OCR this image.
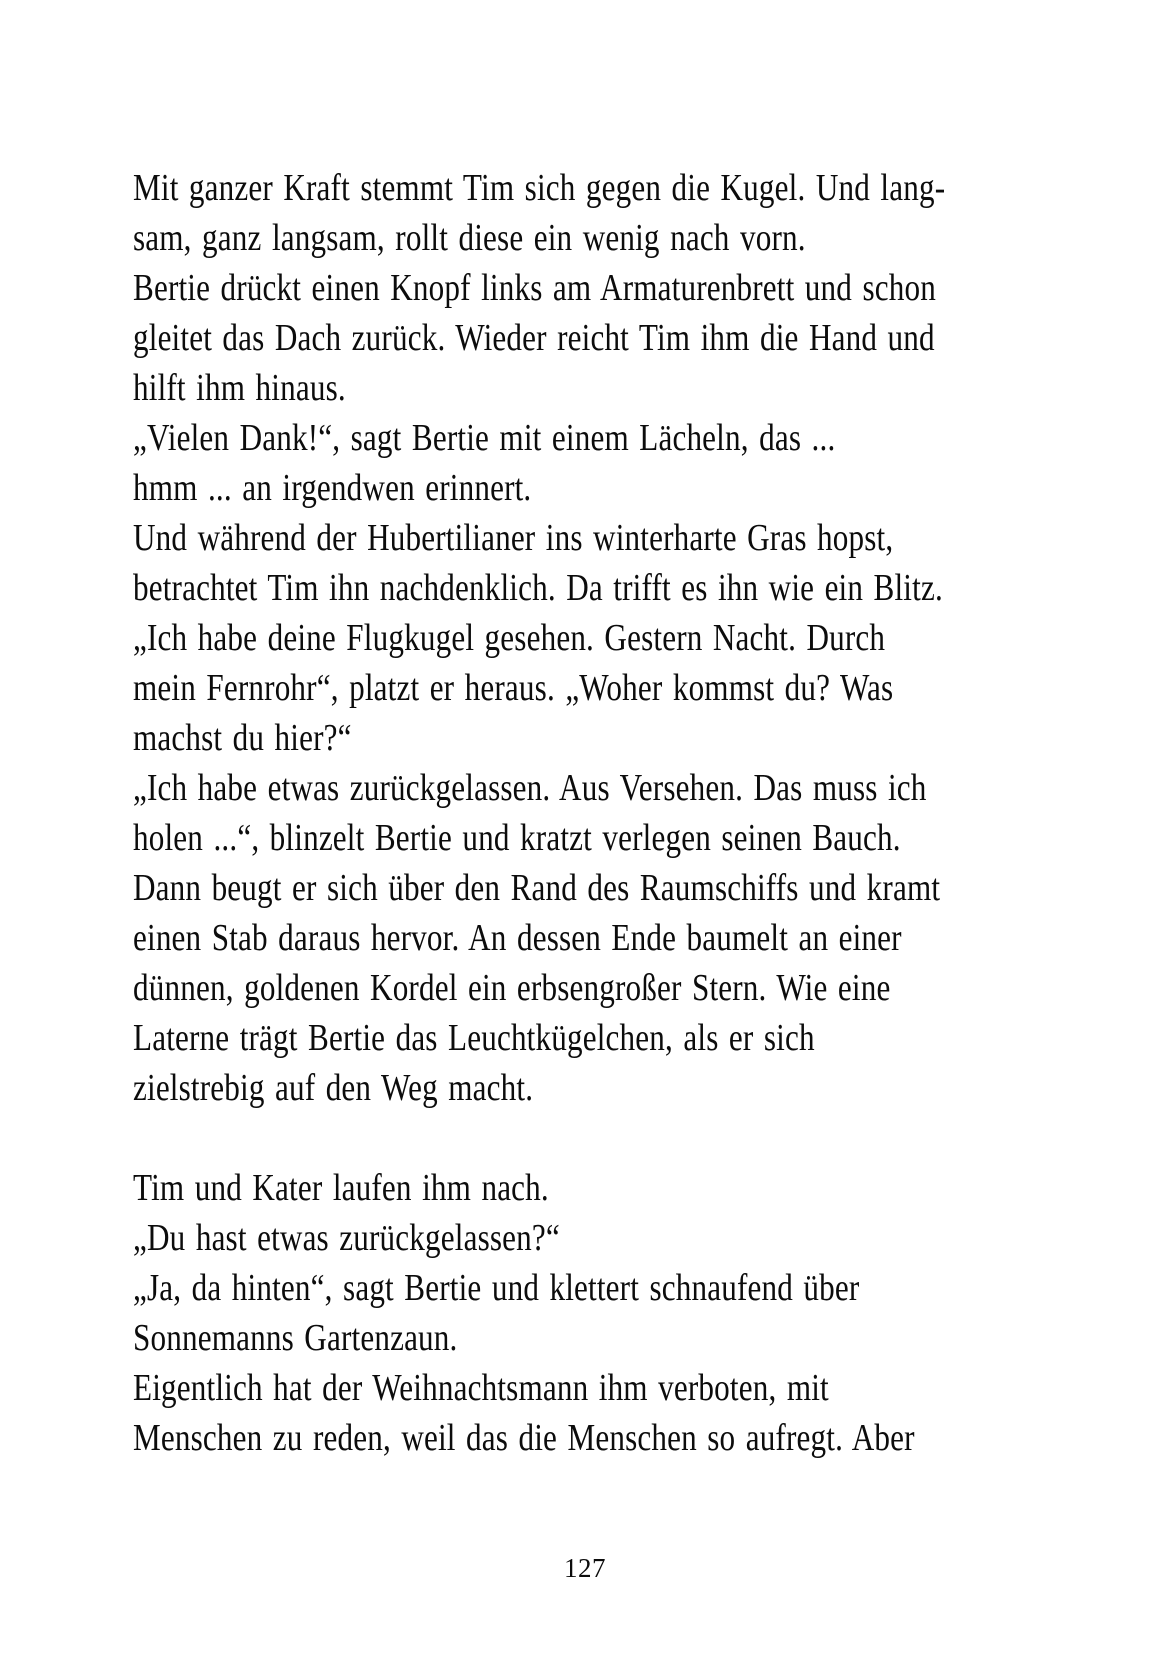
Mit ganzer Kraft stemmt Tim sich gegen die Kugel. Und lang-
sam, ganz langsam, rollt diese ein wenig nach vorn.
Bertie drückt einen Knopf links am Armaturenbrett und schon
gleitet das Dach zurück. Wieder reicht Tim ihm die Hand und
hilft ihm hinaus.
„Vielen Dank!“, sagt Bertie mit einem Lächeln, das ...
hmm ... an irgendwen erinnert.
Und während der Hubertilianer ins winterharte Gras hopst,
betrachtet Tim ihn nachdenklich. Da trifft es ihn wie ein Blitz.
„Ich habe deine Flugkugel gesehen. Gestern Nacht. Durch
mein Fernrohr“, platzt er heraus. „Woher kommst du? Was
machst du hier?“
„Ich habe etwas zurückgelassen. Aus Versehen. Das muss ich
holen ...“, blinzelt Bertie und kratzt verlegen seinen Bauch.
Dann beugt er sich über den Rand des Raumschiffs und kramt
einen Stab daraus hervor. An dessen Ende baumelt an einer
dünnen, goldenen Kordel ein erbsengroßer Stern. Wie eine
Laterne trägt Bertie das Leuchtkügelchen, als er sich
zielstrebig auf den Weg macht.
Tim und Kater laufen ihm nach.
„Du hast etwas zurückgelassen?“
„Ja, da hinten“, sagt Bertie und klettert schnaufend über
Sonnemanns Gartenzaun.
Eigentlich hat der Weihnachtsmann ihm verboten, mit
Menschen zu reden, weil das die Menschen so aufregt. Aber
127
